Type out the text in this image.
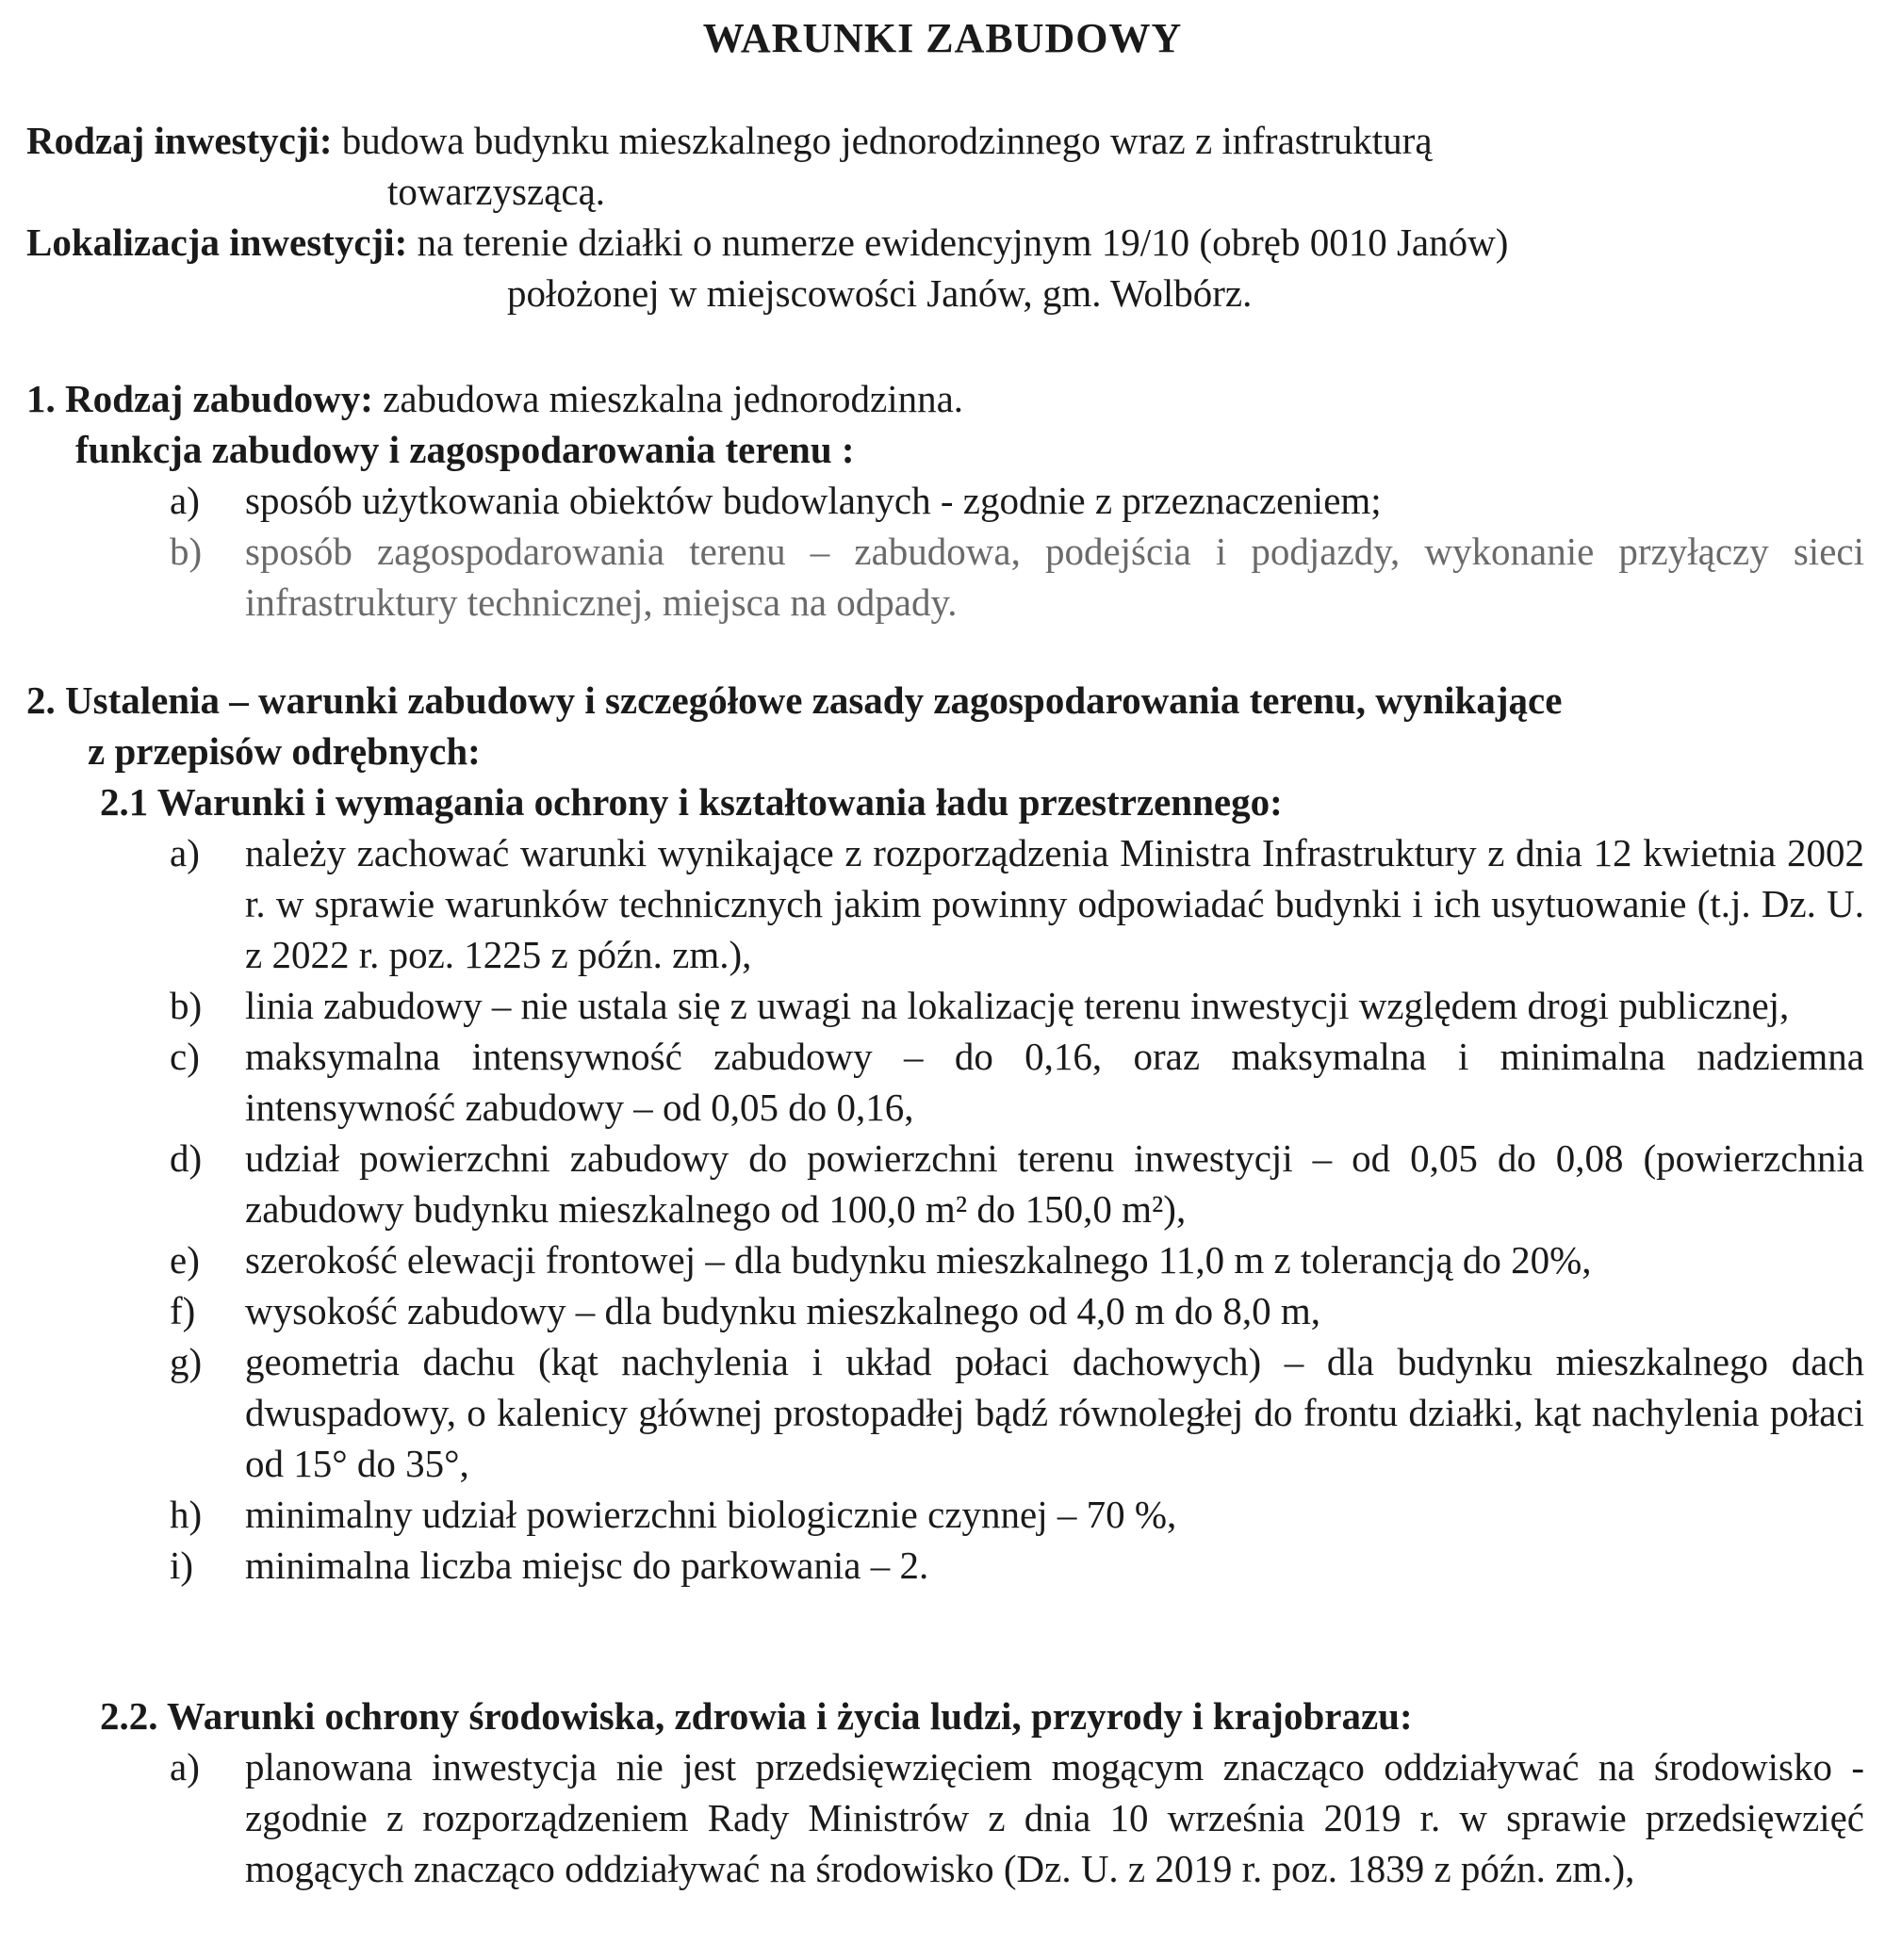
WARUNKI ZABUDOWY
Rodzaj inwestycji: budowa budynku mieszkalnego jednorodzinnego wraz z infrastrukturą
towarzyszącą.
Lokalizacja inwestycji: na terenie działki o numerze ewidencyjnym 19/10 (obręb 0010 Janów)
położonej w miejscowości Janów, gm. Wolbórz.
1. Rodzaj zabudowy: zabudowa mieszkalna jednorodzinna.
funkcja zabudowy i zagospodarowania terenu :
a)	sposób użytkowania obiektów budowlanych - zgodnie z przeznaczeniem;
b)	sposób zagospodarowania terenu – zabudowa, podejścia i podjazdy, wykonanie przyłączy sieci infrastruktury technicznej, miejsca na odpady.
2. Ustalenia – warunki zabudowy i szczegółowe zasady zagospodarowania terenu, wynikające
z przepisów odrębnych:
2.1 Warunki i wymagania ochrony i kształtowania ładu przestrzennego:
a)	należy zachować warunki wynikające z rozporządzenia Ministra Infrastruktury z dnia 12 kwietnia 2002 r. w sprawie warunków technicznych jakim powinny odpowiadać budynki i ich usytuowanie (t.j. Dz. U. z 2022 r. poz. 1225 z późn. zm.),
b)	linia zabudowy – nie ustala się z uwagi na lokalizację terenu inwestycji względem drogi publicznej,
c)	maksymalna intensywność zabudowy – do 0,16, oraz maksymalna i minimalna nadziemna intensywność zabudowy – od 0,05 do 0,16,
d)	udział powierzchni zabudowy do powierzchni terenu inwestycji – od 0,05 do 0,08 (powierzchnia zabudowy budynku mieszkalnego od 100,0 m² do 150,0 m²),
e)	szerokość elewacji frontowej – dla budynku mieszkalnego 11,0 m z tolerancją do 20%,
f)	wysokość zabudowy – dla budynku mieszkalnego od 4,0 m do 8,0 m,
g)	geometria dachu (kąt nachylenia i układ połaci dachowych) – dla budynku mieszkalnego dach dwuspadowy, o kalenicy głównej prostopadłej bądź równoległej do frontu działki, kąt nachylenia połaci od 15° do 35°,
h)	minimalny udział powierzchni biologicznie czynnej – 70 %,
i)	minimalna liczba miejsc do parkowania – 2.
2.2. Warunki ochrony środowiska, zdrowia i życia ludzi, przyrody i krajobrazu:
a)	planowana inwestycja nie jest przedsięwzięciem mogącym znacząco oddziaływać na środowisko - zgodnie z rozporządzeniem Rady Ministrów z dnia 10 września 2019 r. w sprawie przedsięwzięć mogących znacząco oddziaływać na środowisko (Dz. U. z 2019 r. poz. 1839 z późn. zm.),
